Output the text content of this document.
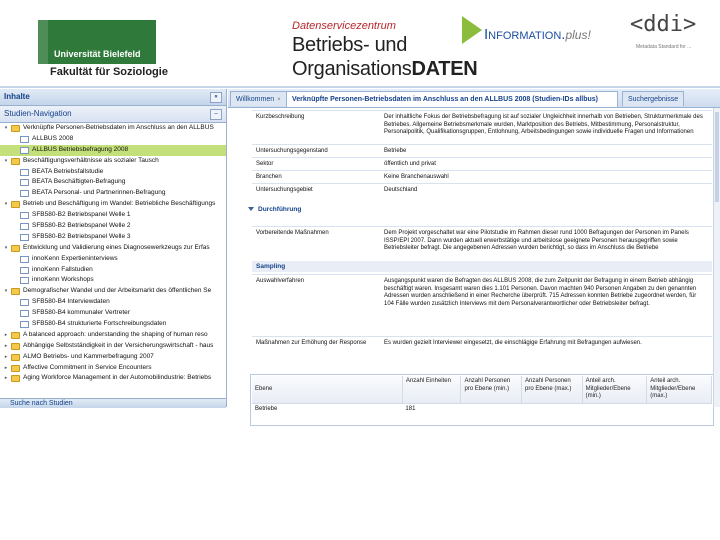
Universität Bielefeld
Fakultät für Soziologie
Datenservicezentrum
Betriebs- und
OrganisationsDATEN
Information.plus! <ddi>
Metadata Standard for ...
Inhalte	«
Studien-Navigation	–
▾ Verknüpfte Personen-Betriebsdaten im Anschluss an den ALLBUS
ALLBUS 2008
ALLBUS Betriebsbefragung 2008
▾ Beschäftigungsverhältnisse als sozialer Tausch
BEATA Betriebsfallstudie
BEATA Beschäftigten-Befragung
BEATA Personal- und Partnerinnen-Befragung
▾ Betrieb und Beschäftigung im Wandel: Betriebliche Beschäftigungs
SFB580-B2 Betriebspanel Welle 1
SFB580-B2 Betriebspanel Welle 2
SFB580-B2 Betriebspanel Welle 3
▾ Entwicklung und Validierung eines Diagnosewerkzeugs zur Erfas
innoKenn Expertieninterviews
innoKenn Fallstudien
innoKenn Workshops
▾ Demografischer Wandel und der Arbeitsmarkt des öffentlichen Se
SFB580-B4 Interviewdaten
SFB580-B4 kommunaler Vertreter
SFB580-B4 strukturierte Fortschreibungsdaten
▸ A balanced approach: understanding the shaping of human reso
▸ Abhängige Selbstständigkeit in der Versicherungswirtschaft - haus
▸ ALMO Betriebs- und Kammerbefragung 2007
▸ Affective Commitment in Service Encounters
▸ Aging Workforce Management in der Automobilindustrie: Betriebs
Suche nach Studien
Willkommen ×	Verknüpfte Personen-Betriebsdaten im Anschluss an den ALLBUS 2008 (Studien-IDs allbus)	Suchergebnisse
Kurzbeschreibung	Der inhaltliche Fokus der Betriebsbefragung ist auf sozialer Ungleichheit innerhalb von Betrieben, Strukturmerkmale des Betriebes. Allgemeine Betriebsmerkmale wurden, Marktposition des Betriebs, Mitbestimmung, Personalstruktur, Personalpolitik, Qualifikationsgruppen, Entlohnung, Arbeitsbedingungen sowie individuelle Fragen und Informationen
Untersuchungsgegenstand	Betriebe
Sektor	öffentlich und privat
Branchen	Keine Branchenauswahl
Untersuchungsgebiet	Deutschland
Durchführung
Vorbereitende Maßnahmen	Dem Projekt vorgeschaltet war eine Pilotstudie im Rahmen dieser rund 1000 Befragungen der Personen im Panels ISSP/EPI 2007. Dann wurden aktuell erwerbstätige und arbeitslose geeignete Personen herausgegriffen sowie Betriebsleiter befragt. Die angegebenen Adressen wurden berichtigt, so dass im Anschluss die Betriebe
Sampling
Auswahlverfahren	Ausgangspunkt waren die Befragten des ALLBUS 2008, die zum Zeitpunkt der Befragung in einem Betrieb abhängig beschäftigt waren. Insgesamt waren dies 1.101 Personen. Davon machten 940 Personen Angaben zu den genannten Adressen wurden anschließend in einer Recherche überprüft. 715 Adressen konnten Betriebe zugeordnet werden, für 104 Fälle wurden zusätzlich Interviews mit dem Personalverantwortlicher oder Betriebsleiter befragt.
Maßnahmen zur Erhöhung der Response	Es wurden gezielt Interviewer eingesetzt, die einschlägige Erfahrung mit Befragungen aufwiesen.
Ebene	Anzahl Einheiten	Anzahl Personen pro Ebene (min.)	Anzahl Personen pro Ebene (max.)	Anteil arch. Mitglieder/Ebene (min.)	Anteil arch. Mitglieder/Ebene (max.)
Betriebe	181				
